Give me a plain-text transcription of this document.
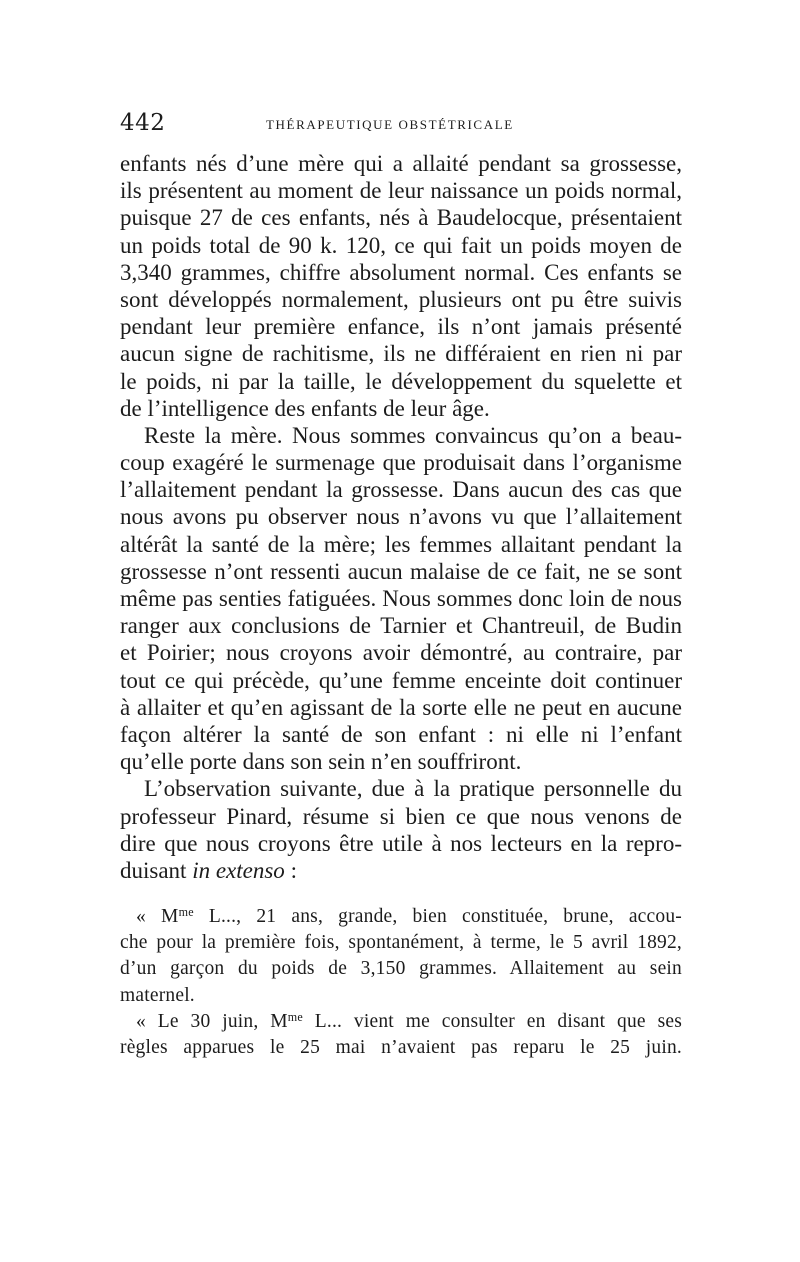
442	THÉRAPEUTIQUE OBSTÉTRICALE
enfants nés d’une mère qui a allaité pendant sa grossesse,
ils présentent au moment de leur naissance un poids normal,
puisque 27 de ces enfants, nés à Baudelocque, présentaient
un poids total de 90 k. 120, ce qui fait un poids moyen de
3,340 grammes, chiffre absolument normal. Ces enfants se
sont développés normalement, plusieurs ont pu être suivis
pendant leur première enfance, ils n’ont jamais présenté
aucun signe de rachitisme, ils ne différaient en rien ni par
le poids, ni par la taille, le développement du squelette et
de l’intelligence des enfants de leur âge.
Reste la mère. Nous sommes convaincus qu’on a beau-
coup exagéré le surmenage que produisait dans l’organisme
l’allaitement pendant la grossesse. Dans aucun des cas que
nous avons pu observer nous n’avons vu que l’allaitement
altérât la santé de la mère; les femmes allaitant pendant la
grossesse n’ont ressenti aucun malaise de ce fait, ne se sont
même pas senties fatiguées. Nous sommes donc loin de nous
ranger aux conclusions de Tarnier et Chantreuil, de Budin
et Poirier; nous croyons avoir démontré, au contraire, par
tout ce qui précède, qu’une femme enceinte doit continuer
à allaiter et qu’en agissant de la sorte elle ne peut en aucune
façon altérer la santé de son enfant : ni elle ni l’enfant
qu’elle porte dans son sein n’en souffriront.
L’observation suivante, due à la pratique personnelle du
professeur Pinard, résume si bien ce que nous venons de
dire que nous croyons être utile à nos lecteurs en la repro-
duisant in extenso :
« $M^{me}$ L..., 21 ans, grande, bien constituée, brune, accou-
che pour la première fois, spontanément, à terme, le 5 avril 1892,
d’un garçon du poids de 3,150 grammes. Allaitement au sein
maternel.
« Le 30 juin, $M^{me}$ L... vient me consulter en disant que ses
règles apparues le 25 mai n’avaient pas reparu le 25 juin.
